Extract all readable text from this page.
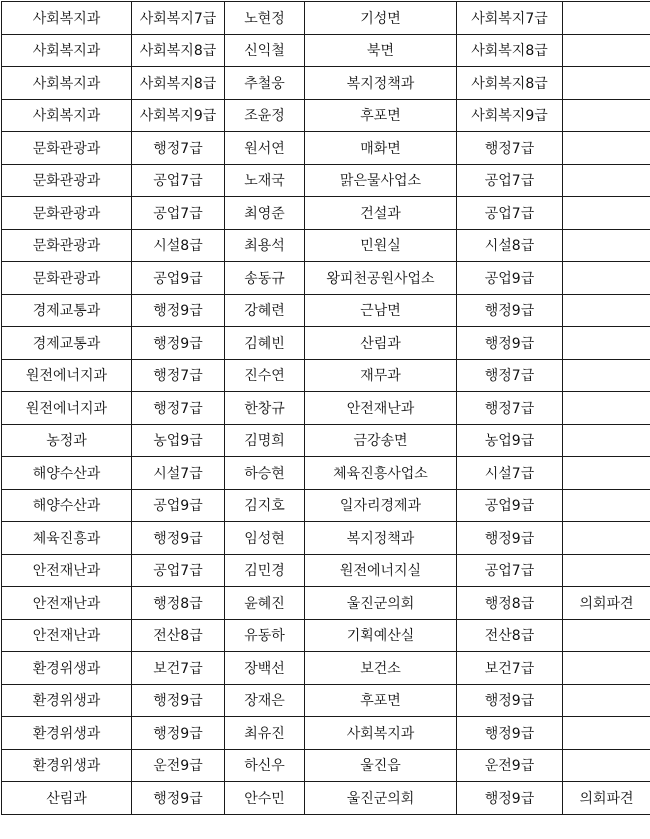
사회복지과	사회복지7급	노현정	기성면	사회복지7급	
사회복지과	사회복지8급	신익철	북면	사회복지8급	
사회복지과	사회복지8급	추철웅	복지정책과	사회복지8급	
사회복지과	사회복지9급	조윤정	후포면	사회복지9급	
문화관광과	행정7급	원서연	매화면	행정7급	
문화관광과	공업7급	노재국	맑은물사업소	공업7급	
문화관광과	공업7급	최영준	건설과	공업7급	
문화관광과	시설8급	최용석	민원실	시설8급	
문화관광과	공업9급	송동규	왕피천공원사업소	공업9급	
경제교통과	행정9급	강혜련	근남면	행정9급	
경제교통과	행정9급	김혜빈	산림과	행정9급	
원전에너지과	행정7급	진수연	재무과	행정7급	
원전에너지과	행정7급	한창규	안전재난과	행정7급	
농정과	농업9급	김명희	금강송면	농업9급	
해양수산과	시설7급	하승현	체육진흥사업소	시설7급	
해양수산과	공업9급	김지호	일자리경제과	공업9급	
체육진흥과	행정9급	임성현	복지정책과	행정9급	
안전재난과	공업7급	김민경	원전에너지실	공업7급	
안전재난과	행정8급	윤혜진	울진군의회	행정8급	의회파견
안전재난과	전산8급	유동하	기획예산실	전산8급	
환경위생과	보건7급	장백선	보건소	보건7급	
환경위생과	행정9급	장재은	후포면	행정9급	
환경위생과	행정9급	최유진	사회복지과	행정9급	
환경위생과	운전9급	하신우	울진읍	운전9급	
산림과	행정9급	안수민	울진군의회	행정9급	의회파견
